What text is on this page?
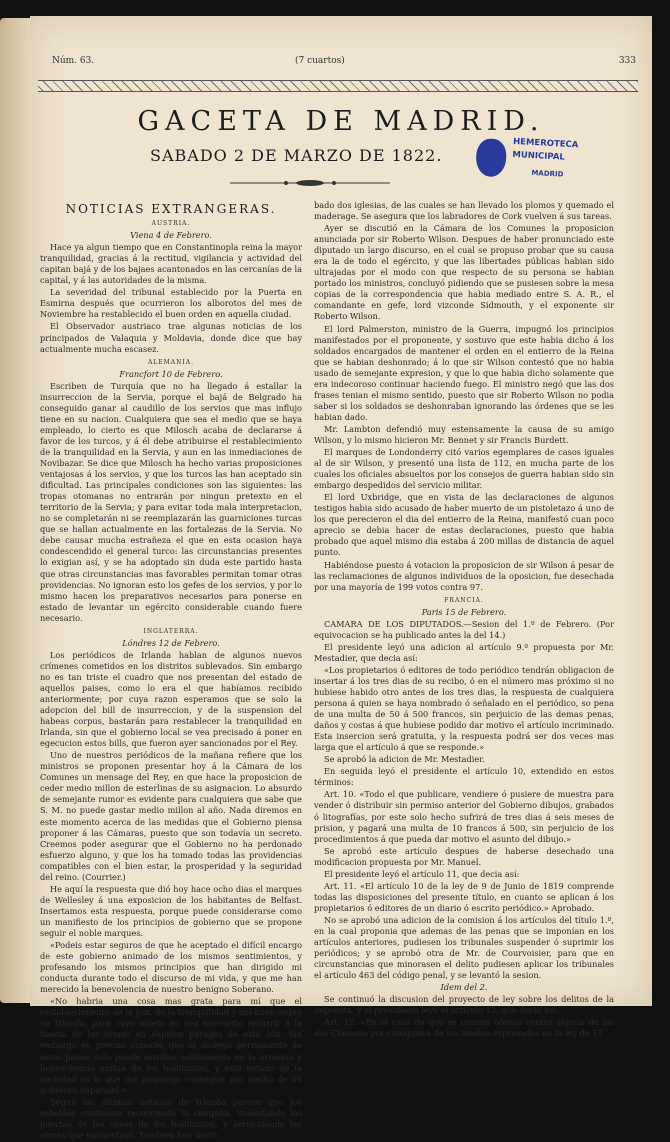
Núm. 63.	(7 cuartos)	333
GACETA DE MADRID.
SABADO 2 DE MARZO DE 1822.
HEMEROTECA
MUNICIPAL
MADRID
NOTICIAS EXTRANGERAS.
AUSTRIA.
Viena 4 de Febrero.

Hace ya algun tiempo que en Constantinopla reina la mayor tranquilidad, gracias á la rectitud, vigilancia y actividad del capitan bajá y de los bajaes acantonados en las cercanías de la capital, y á las autoridades de la misma.

La severidad del tribunal establecido por la Puerta en Esmirna después que ocurrieron los alborotos del mes de Noviembre ha restablecido el buen orden en aquella ciudad.

El Observador austriaco trae algunas noticias de los principados de Valaquia y Moldavia, donde dice que hay actualmente mucha escasez.

ALEMANIA.
Francfort 10 de Febrero.

Escriben de Turquía que no ha llegado á estallar la insurreccion de la Servia, porque el bajá de Belgrado ha conseguido ganar al caudillo de los servios que mas influjo tiene en su nacion. Cualquiera que sea el medio que se haya empleado, lo cierto es que Milosch acaba de declararse á favor de los turcos, y á él debe atribuirse el restablecimiento de la tranquilidad en la Servia, y aun en las inmediaciones de Novibazar. Se dice que Milosch ha hecho varias proposiciones ventajosas á los servios, y que los turcos las han aceptado sin dificultad. Las principales condiciones son las siguientes: las tropas otomanas no entrarán por ningun pretexto en el territorio de la Servia; y para evitar toda mala interpretacion, no se completarán ni se reemplazarán las guarniciones turcas que se hallan actualmente en las fortalezas de la Servia. No debe causar mucha estrañeza el que en esta ocasion haya condescendido el general turco: las circunstancias presentes lo exigian así, y se ha adoptado sin duda este partido hasta que otras circunstancias mas favorables permitan tomar otras providencias. No ignoran esto los gefes de los servios, y por lo mismo hacen los preparativos necesarios para ponerse en estado de levantar un egército considerable cuando fuere necesario.

INGLATERRA.
Lóndres 12 de Febrero.

Los periódicos de Irlanda hablan de algunos nuevos crímenes cometidos en los distritos sublevados. Sin embargo no es tan triste el cuadro que nos presentan del estado de aquellos paises, como lo era el que habíamos recibido anteriormente; por cuya razon esperamos que se solo la adopcion del bill de insurreccion, y de la suspension del habeas corpus, bastarán para restablecer la tranquilidad en Irlanda, sin que el gobierno local se vea precisado á poner en egecucion estos bills, que fueron ayer sancionados por el Rey.

Uno de nuestros periódicos de la mañana refiere que los ministros se proponen presentar hoy á la Cámara de los Comunes un mensage del Rey, en que hace la proposicion de ceder medio millon de esterlinas de su asignacion. Lo absurdo de semejante rumor es evidente para cualquiera que sabe que S. M. no puede gastar medio millon al año. Nada diremos en este momento acerca de las medidas que el Gobierno piensa proponer á las Cámaras, puesto que son todavía un secreto. Creemos poder asegurar que el Gobierno no ha perdonado esfuerzo alguno, y que los ha tomado todas las providencias compatibles con el bien estar, la prosperidad y la seguridad del reino. (Courrier.)

He aquí la respuesta que dió hoy hace ocho dias el marques de Wellesley á una exposicion de los habitantes de Belfast. Insertamos esta respuesta, porque puede considerarse como un manifiesto de los principios de gobierno que se propone seguir el noble marques.

«Podeis estar seguros de que he aceptado el difícil encargo de este gobierno animado de los mismos sentimientos, y profesando los mismos principios que han dirigido mi conducta durante todo el discurso de mi vida, y que me han merecido la benevolencia de nuestro benigno Soberano.

«No habria una cosa mas grata para mí que el restablecimiento de la paz, de la tranquilidad y del buen orden en Irlanda, para cuyo objeto no sea necesario recurrir á la fuerza de las armas en algunos parages de esta isla. Sin embargo es preciso conocer que el sosiego permanente de estos paises solo puede estribar sólidamente en la armonía y benevolencia mutua de los habitantes, y este estado de la sociedad es lo que me propongo conseguir por medio de un gobierno imparcial.»

Segun las últimas noticias de Irlanda parece que los rebeldes continúan recorriendo la campiña, violentando las puertas de las casas de los habitantes, y arrebatando las armas que encuentran. Tambien han derri-

bado dos iglesias, de las cuales se han llevado los plomos y quemado el maderage. Se asegura que los labradores de Cork vuelven á sus tareas.

Ayer se discutió en la Cámara de los Comunes la proposicion anunciada por sir Roberto Wilson. Despues de haber pronunciado este diputado un largo discurso, en el cual se propuso probar que su causa era la de todo el egército, y que las libertades públicas habian sido ultrajadas por el modo con que respecto de su persona se habian portado los ministros, concluyó pidiendo que se pusiesen sobre la mesa copias de la correspondencia que habia mediado entre S. A. R., el comandante en gefe, lord vizconde Sidmouth, y el exponente sir Roberto Wilson.

El lord Palmerston, ministro de la Guerra, impugnó los principios manifestados por el proponente, y sostuvo que este habia dicho á los soldados encargados de mantener el orden en el entierro de la Reina que se habian deshonrado; á lo que sir Wilson contestó que no habia usado de semejante expresion, y que lo que habia dicho solamente que era indecoroso continuar haciendo fuego. El ministro negó que las dos frases tenian el mismo sentido, puesto que sir Roberto Wilson no podia saber si los soldados se deshonraban ignorando las órdenes que se les habian dado.

Mr. Lambton defendió muy estensamente la causa de su amigo Wilson, y lo mismo hicieron Mr. Bennet y sir Francis Burdett.

El marques de Londonderry citó varios egemplares de casos iguales al de sir Wilson, y presentó una lista de 112, en mucha parte de los cuales los oficiales absueltos por los consejos de guerra habian sido sin embargo despedidos del servicio militar.

El lord Uxbridge, que en vista de las declaraciones de algunos testigos habia sido acusado de haber muerto de un pistoletazo á uno de los que perecieron el dia del entierro de la Reina, manifestó cuan poco aprecio se debia hacer de estas declaraciones, puesto que habia probado que aquel mismo dia estaba á 200 millas de distancia de aquel punto.

Habiéndose puesto á votacion la proposicion de sir Wilson á pesar de las reclamaciones de algunos individuos de la oposicion, fue desechada por una mayoría de 199 votos contra 97.

FRANCIA.
Paris 15 de Febrero.

CAMARA DE LOS DIPUTADOS.—Sesion del 1.º de Febrero. (Por equivocacion se ha publicado antes la del 14.)

El presidente leyó una adicion al artículo 9.º propuesta por Mr. Mestadier, que decia así:

«Los propietarios ó editores de todo periódico tendrán obligacion de insertar á los tres dias de su recibo, ó en el número mas próximo si no hubiese habido otro antes de los tres dias, la respuesta de cualquiera persona á quien se haya nombrado ó señalado en el periódico, so pena de una multa de 50 á 500 francos, sin perjuicio de las demas penas, daños y costas á que hubiese podido dar motivo el artículo incriminado. Esta insercion será gratuita, y la respuesta podrá ser dos veces mas larga que el artículo á que se responde.»

Se aprobó la adicion de Mr. Mestadier.

En seguida leyó el presidente el artículo 10, extendido en estos términos:

Art. 10. «Todo el que publicare, vendiere ó pusiere de muestra para vender ó distribuir sin permiso anterior del Gobierno dibujos, grabados ó litografías, por este solo hecho sufrirá de tres dias á seis meses de prision, y pagará una multa de 10 francos á 500, sin perjuicio de los procedimientos á que pueda dar motivo el asunto del dibujo.»

Se aprobó este artículo despues de haberse desechado una modificacion propuesta por Mr. Manuel.

El presidente leyó el artículo 11, que decia así:

Art. 11. «El artículo 10 de la ley de 9 de Junio de 1819 comprende todas las disposiciones del presente título, en cuanto se aplican á los propietarios ó editores de un diario ó escrito periódico.» Aprobado.

No se aprobó una adicion de la comision á los artículos del título 1.º, en la cual proponia que ademas de las penas que se imponían en los artículos anteriores, pudiesen los tribunales suspender ó suprimir los periódicos; y se aprobó otra de Mr. de Courvoisier, para que en circunstancias que minorasen el delito pudiesen aplicar los tribunales el artículo 463 del código penal, y se levantó la sesion.

Idem del 2.

Se continuó la discusion del proyecto de ley sobre los delitos de la imprenta, y el presidente leyó el artículo 12, que decia así:

Art. 12. «En el caso de que se cometa ofensa contra alguna de las dos Cámaras por cualquiera de los medios espresados en la ley de 17
